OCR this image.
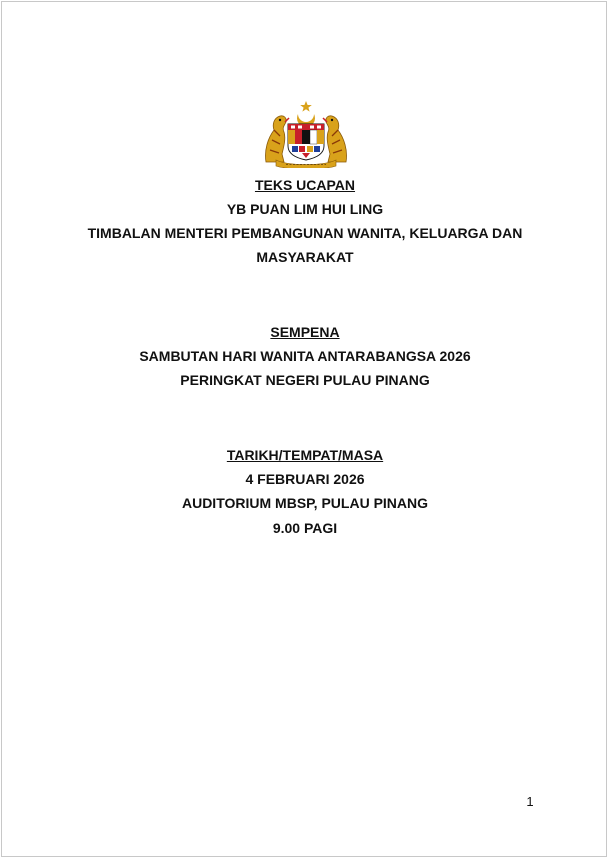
TEKS UCAPAN
YB PUAN LIM HUI LING
TIMBALAN MENTERI PEMBANGUNAN WANITA, KELUARGA DAN
MASYARAKAT
SEMPENA
SAMBUTAN HARI WANITA ANTARABANGSA 2026
PERINGKAT NEGERI PULAU PINANG
TARIKH/TEMPAT/MASA
4 FEBRUARI 2026
AUDITORIUM MBSP, PULAU PINANG
9.00 PAGI
1
